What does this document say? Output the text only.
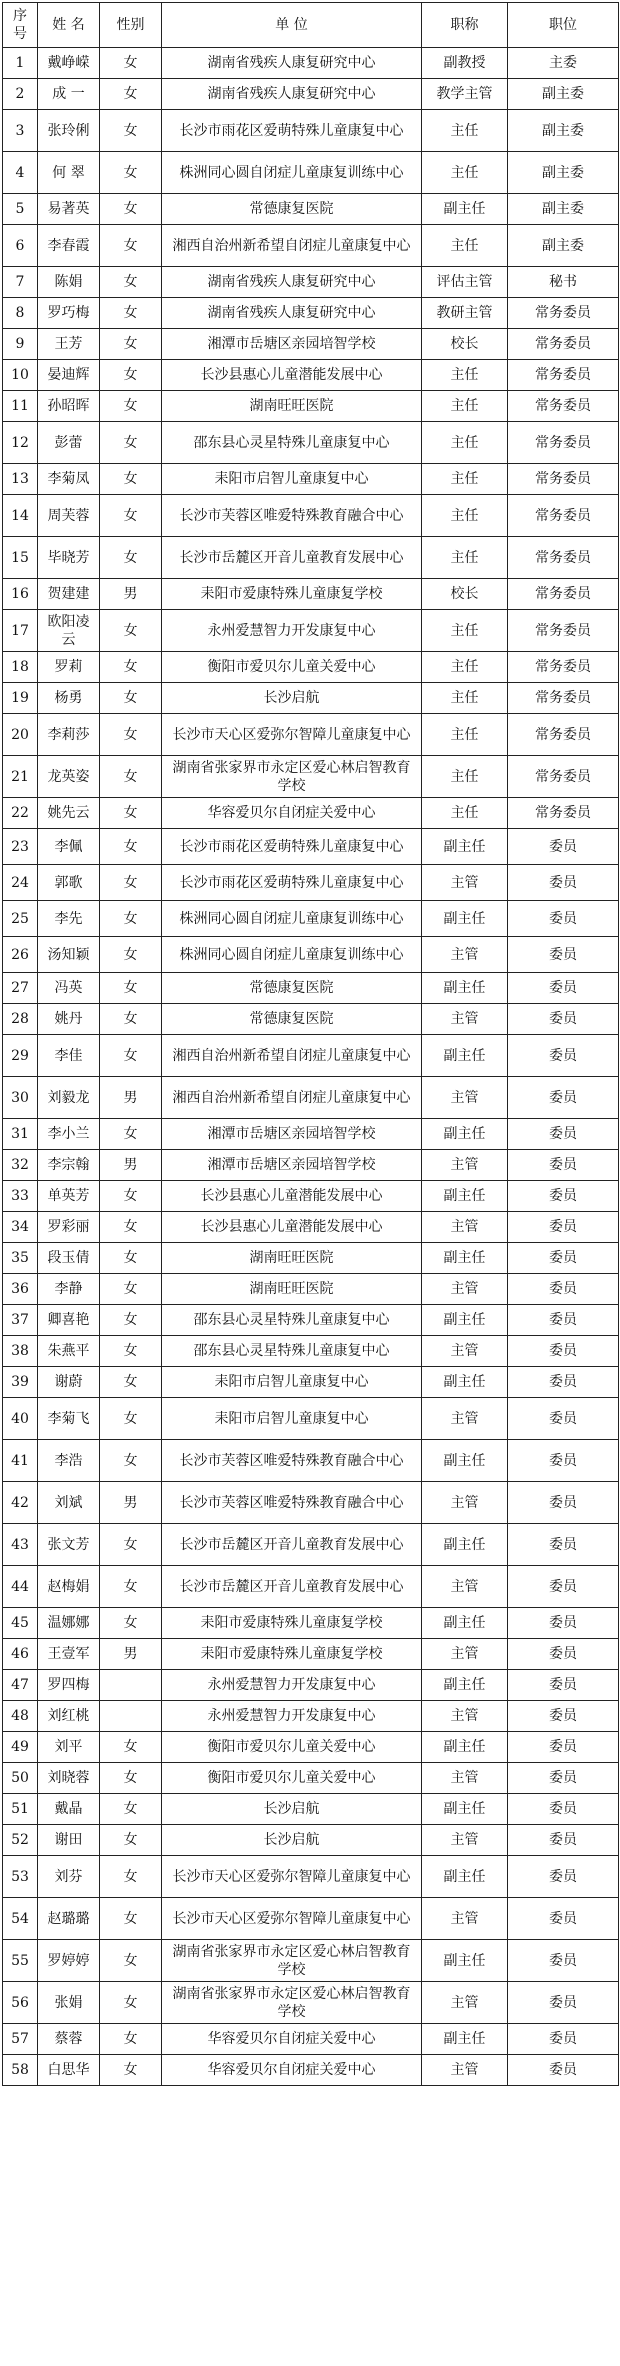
序号	姓 名	性别	单 位	职称	职位
1	戴峥嵘	女	湖南省残疾人康复研究中心	副教授	主委
2	成 一	女	湖南省残疾人康复研究中心	教学主管	副主委
3	张玲俐	女	长沙市雨花区爱萌特殊儿童康复中心	主任	副主委
4	何 翠	女	株洲同心圆自闭症儿童康复训练中心	主任	副主委
5	易著英	女	常德康复医院	副主任	副主委
6	李春霞	女	湘西自治州新希望自闭症儿童康复中心	主任	副主委
7	陈娟	女	湖南省残疾人康复研究中心	评估主管	秘书
8	罗巧梅	女	湖南省残疾人康复研究中心	教研主管	常务委员
9	王芳	女	湘潭市岳塘区亲园培智学校	校长	常务委员
10	晏迪辉	女	长沙县惠心儿童潜能发展中心	主任	常务委员
11	孙昭晖	女	湖南旺旺医院	主任	常务委员
12	彭蕾	女	邵东县心灵星特殊儿童康复中心	主任	常务委员
13	李菊凤	女	耒阳市启智儿童康复中心	主任	常务委员
14	周芙蓉	女	长沙市芙蓉区唯爱特殊教育融合中心	主任	常务委员
15	毕晓芳	女	长沙市岳麓区开音儿童教育发展中心	主任	常务委员
16	贺建建	男	耒阳市爱康特殊儿童康复学校	校长	常务委员
17	欧阳凌云	女	永州爱慧智力开发康复中心	主任	常务委员
18	罗莉	女	衡阳市爱贝尔儿童关爱中心	主任	常务委员
19	杨勇	女	长沙启航	主任	常务委员
20	李莉莎	女	长沙市天心区爱弥尔智障儿童康复中心	主任	常务委员
21	龙英姿	女	湖南省张家界市永定区爱心林启智教育学校	主任	常务委员
22	姚先云	女	华容爱贝尔自闭症关爱中心	主任	常务委员
23	李佩	女	长沙市雨花区爱萌特殊儿童康复中心	副主任	委员
24	郭歌	女	长沙市雨花区爱萌特殊儿童康复中心	主管	委员
25	李先	女	株洲同心圆自闭症儿童康复训练中心	副主任	委员
26	汤知颖	女	株洲同心圆自闭症儿童康复训练中心	主管	委员
27	冯英	女	常德康复医院	副主任	委员
28	姚丹	女	常德康复医院	主管	委员
29	李佳	女	湘西自治州新希望自闭症儿童康复中心	副主任	委员
30	刘毅龙	男	湘西自治州新希望自闭症儿童康复中心	主管	委员
31	李小兰	女	湘潭市岳塘区亲园培智学校	副主任	委员
32	李宗翰	男	湘潭市岳塘区亲园培智学校	主管	委员
33	单英芳	女	长沙县惠心儿童潜能发展中心	副主任	委员
34	罗彩丽	女	长沙县惠心儿童潜能发展中心	主管	委员
35	段玉倩	女	湖南旺旺医院	副主任	委员
36	李静	女	湖南旺旺医院	主管	委员
37	卿喜艳	女	邵东县心灵星特殊儿童康复中心	副主任	委员
38	朱燕平	女	邵东县心灵星特殊儿童康复中心	主管	委员
39	谢蔚	女	耒阳市启智儿童康复中心	副主任	委员
40	李菊飞	女	耒阳市启智儿童康复中心	主管	委员
41	李浩	女	长沙市芙蓉区唯爱特殊教育融合中心	副主任	委员
42	刘斌	男	长沙市芙蓉区唯爱特殊教育融合中心	主管	委员
43	张文芳	女	长沙市岳麓区开音儿童教育发展中心	副主任	委员
44	赵梅娟	女	长沙市岳麓区开音儿童教育发展中心	主管	委员
45	温娜娜	女	耒阳市爱康特殊儿童康复学校	副主任	委员
46	王壹军	男	耒阳市爱康特殊儿童康复学校	主管	委员
47	罗四梅		永州爱慧智力开发康复中心	副主任	委员
48	刘红桃		永州爱慧智力开发康复中心	主管	委员
49	刘平	女	衡阳市爱贝尔儿童关爱中心	副主任	委员
50	刘晓蓉	女	衡阳市爱贝尔儿童关爱中心	主管	委员
51	戴晶	女	长沙启航	副主任	委员
52	谢田	女	长沙启航	主管	委员
53	刘芬	女	长沙市天心区爱弥尔智障儿童康复中心	副主任	委员
54	赵璐璐	女	长沙市天心区爱弥尔智障儿童康复中心	主管	委员
55	罗婷婷	女	湖南省张家界市永定区爱心林启智教育学校	副主任	委员
56	张娟	女	湖南省张家界市永定区爱心林启智教育学校	主管	委员
57	蔡蓉	女	华容爱贝尔自闭症关爱中心	副主任	委员
58	白思华	女	华容爱贝尔自闭症关爱中心	主管	委员
